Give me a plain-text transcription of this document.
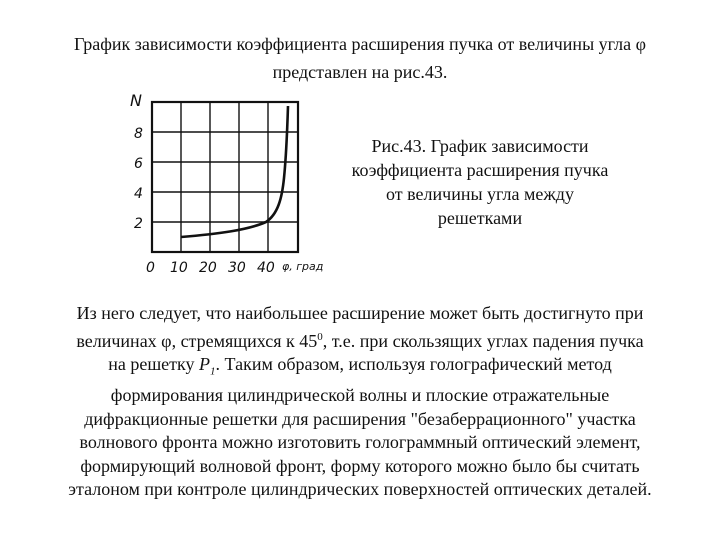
График зависимости коэффициента расширения пучка от величины угла φ
представлен на рис.43.
N
8
6
4
2
0 10 20 30 40 φ, град
Рис.43. График зависимости
коэффициента расширения пучка
от величины угла между
решетками
Из него следует, что наибольшее расширение может быть достигнуто при
величинах φ, стремящихся к $45^0$, т.е. при скользящих углах падения пучка
на решетку $P_1$. Таким образом, используя голографический метод
формирования цилиндрической волны и плоские отражательные
дифракционные решетки для расширения "безаберрационного" участка
волнового фронта можно изготовить голограммный оптический элемент,
формирующий волновой фронт, форму которого можно было бы считать
эталоном при контроле цилиндрических поверхностей оптических деталей.
